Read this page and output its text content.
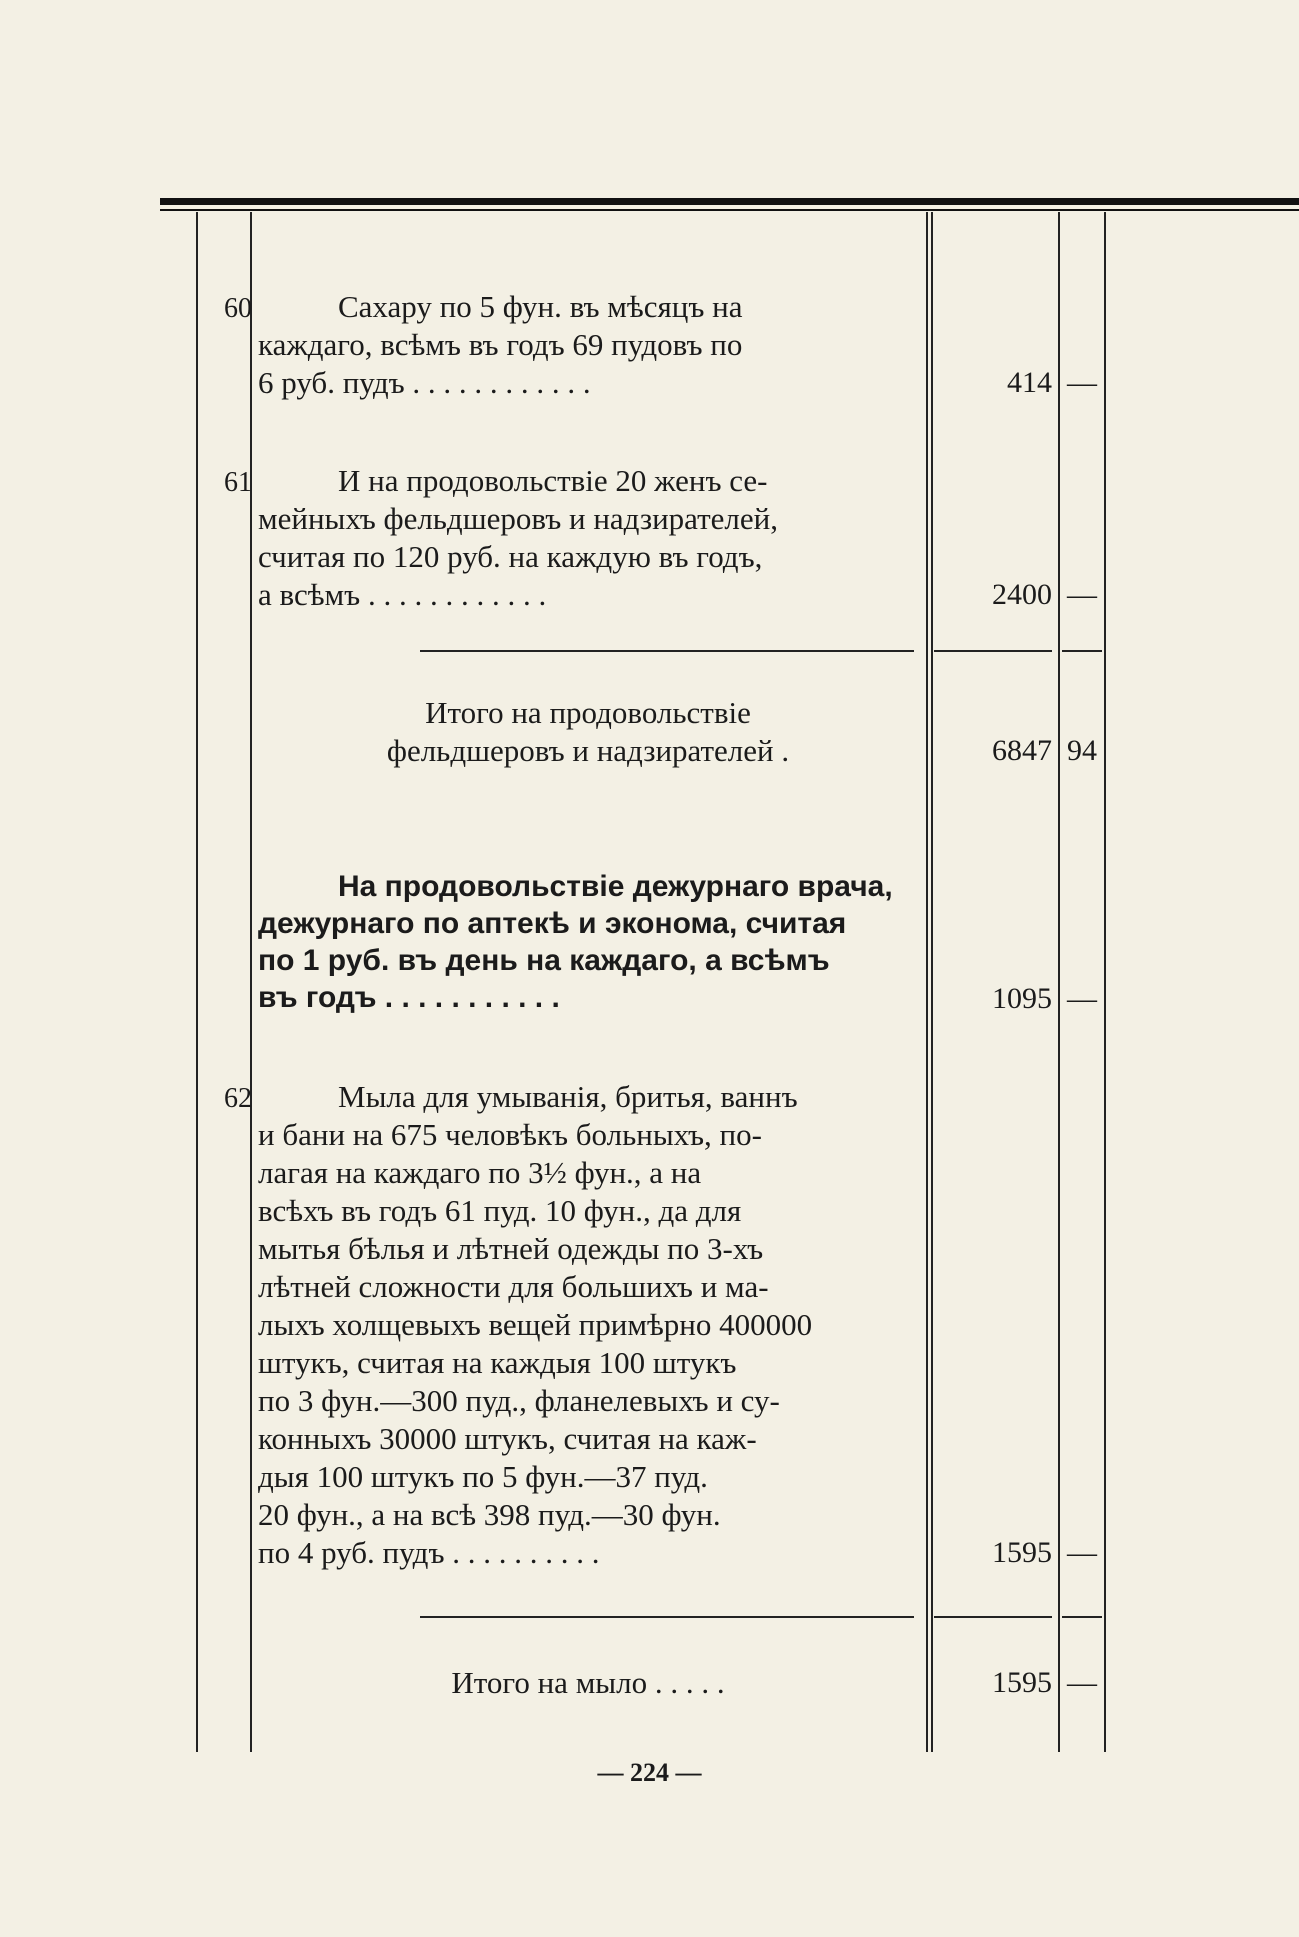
60	Сахару по 5 фун. въ мѣсяцъ на
каждаго, всѣмъ въ годъ 69 пудовъ по
6 руб. пудъ . . . . . . . . . . . .	414 —
61	И на продовольствіе 20 женъ се-
мейныхъ фельдшеровъ и надзирателей,
считая по 120 руб. на каждую въ годъ,
а всѣмъ . . . . . . . . . . . .	2400 —
Итого на продовольствіе
фельдшеровъ и надзирателей .	6847 94
На продовольствіе дежурнаго врача,
дежурнаго по аптекѣ и эконома, считая
по 1 руб. въ день на каждаго, а всѣмъ
въ годъ . . . . . . . . . . .	1095 —
62	Мыла для умыванія, бритья, ваннъ
и бани на 675 человѣкъ больныхъ, по-
лагая на каждаго по 3½ фун., а на
всѣхъ въ годъ 61 пуд. 10 фун., да для
мытья бѣлья и лѣтней одежды по 3-хъ
лѣтней сложности для большихъ и ма-
лыхъ холщевыхъ вещей примѣрно 400000
штукъ, считая на каждыя 100 штукъ
по 3 фун.—300 пуд., фланелевыхъ и су-
конныхъ 30000 штукъ, считая на каж-
дыя 100 штукъ по 5 фун.—37 пуд.
20 фун., а на всѣ 398 пуд.—30 фун.
по 4 руб. пудъ . . . . . . . . . .	1595 —
Итого на мыло . . . . .	1595 —
— 224 —
